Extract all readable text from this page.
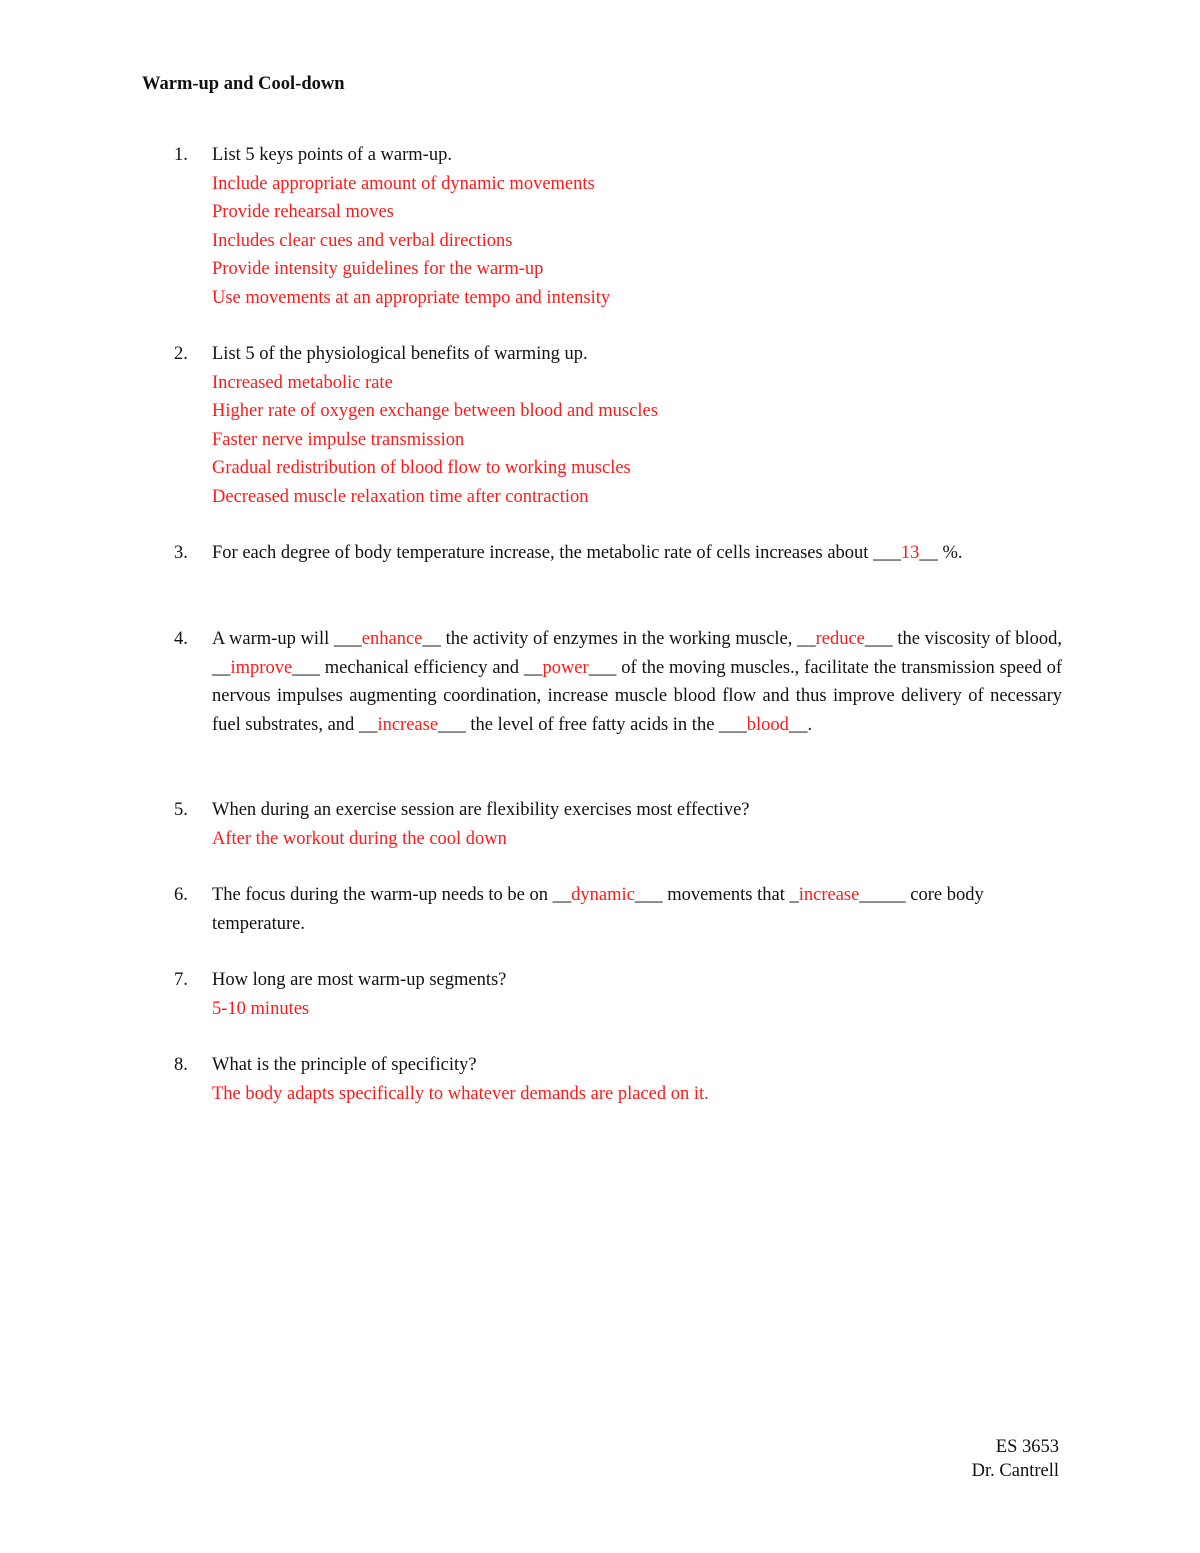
Warm-up and Cool-down
1. List 5 keys points of a warm-up.
Include appropriate amount of dynamic movements
Provide rehearsal moves
Includes clear cues and verbal directions
Provide intensity guidelines for the warm-up
Use movements at an appropriate tempo and intensity
2. List 5 of the physiological benefits of warming up.
Increased metabolic rate
Higher rate of oxygen exchange between blood and muscles
Faster nerve impulse transmission
Gradual redistribution of blood flow to working muscles
Decreased muscle relaxation time after contraction
3. For each degree of body temperature increase, the metabolic rate of cells increases about ___13__ %.
4. A warm-up will ___enhance__ the activity of enzymes in the working muscle, __reduce___ the viscosity of blood, __improve___ mechanical efficiency and __power___ of the moving muscles., facilitate the transmission speed of nervous impulses augmenting coordination, increase muscle blood flow and thus improve delivery of necessary fuel substrates, and __increase___ the level of free fatty acids in the ___blood__.
5. When during an exercise session are flexibility exercises most effective?
After the workout during the cool down
6. The focus during the warm-up needs to be on __dynamic___ movements that _increase_____ core body temperature.
7. How long are most warm-up segments?
5-10 minutes
8. What is the principle of specificity?
The body adapts specifically to whatever demands are placed on it.
ES 3653
Dr. Cantrell
